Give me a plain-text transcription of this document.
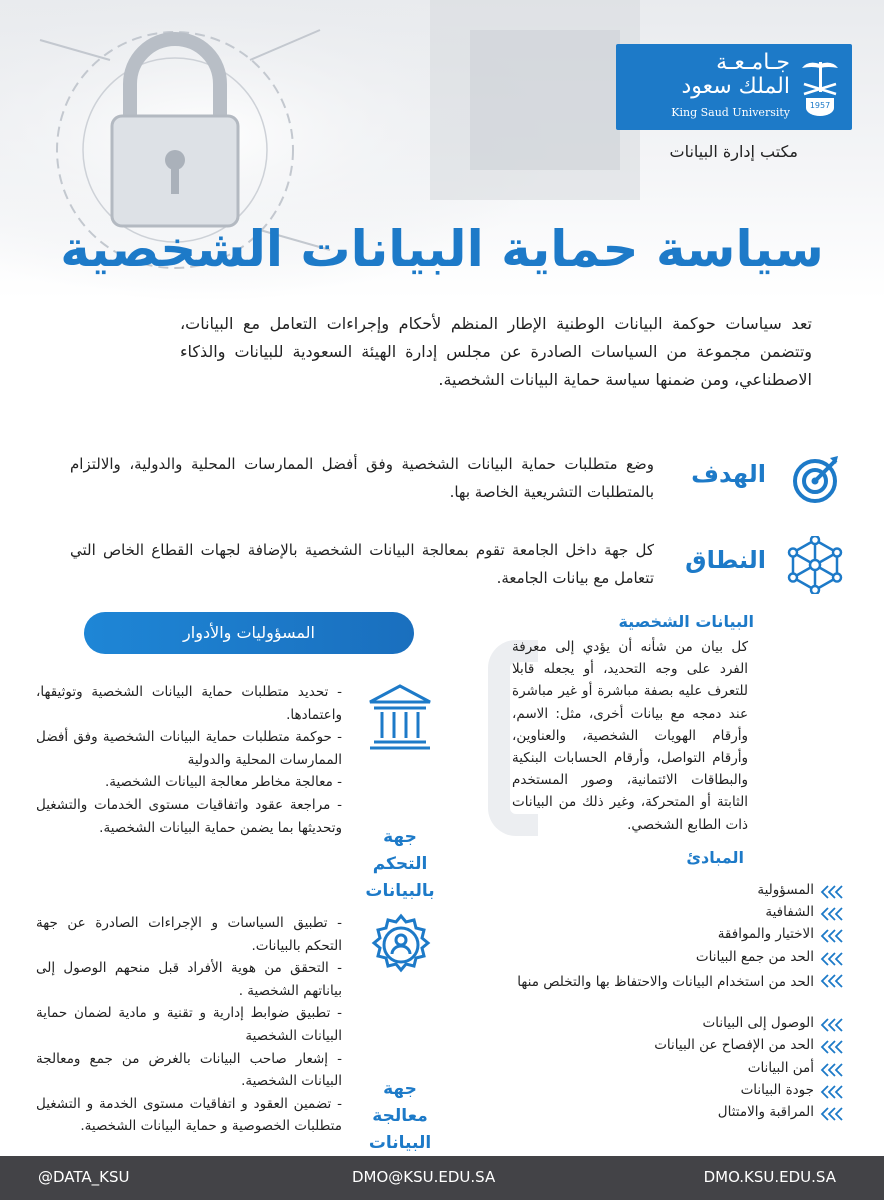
جـامـعـة
الملك سعود
King Saud University
1957
مكتب إدارة البيانات
سياسة حماية البيانات الشخصية
تعد سياسات حوكمة البيانات الوطنية الإطار المنظم لأحكام وإجراءات التعامل مع البيانات، وتتضمن مجموعة من السياسات الصادرة عن مجلس إدارة الهيئة السعودية للبيانات والذكاء الاصطناعي، ومن ضمنها سياسة حماية البيانات الشخصية.
الهدف
وضع متطلبات حماية البيانات الشخصية وفق أفضل الممارسات المحلية والدولية، والالتزام بالمتطلبات التشريعية الخاصة بها.
النطاق
كل جهة داخل الجامعة تقوم بمعالجة البيانات الشخصية بالإضافة لجهات القطاع الخاص التي تتعامل مع بيانات الجامعة.
المسؤوليات والأدوار
جهة
التحكم
بالبيانات
- تحديد متطلبات حماية البيانات الشخصية وتوثيقها، واعتمادها.
- حوكمة متطلبات حماية البيانات الشخصية وفق أفضل الممارسات المحلية والدولية
- معالجة مخاطر معالجة البيانات الشخصية.
- مراجعة عقود واتفاقيات مستوى الخدمات والتشغيل وتحديثها بما يضمن حماية البيانات الشخصية.
جهة
معالجة
البيانات
- تطبيق السياسات و الإجراءات الصادرة عن جهة التحكم بالبيانات.
- التحقق من هوية الأفراد قبل منحهم الوصول إلى بياناتهم الشخصية .
- تطبيق ضوابط إدارية و تقنية و مادية لضمان حماية البيانات الشخصية
- إشعار صاحب البيانات بالغرض من جمع ومعالجة البيانات الشخصية.
- تضمين العقود و اتفاقيات مستوى الخدمة و التشغيل متطلبات الخصوصية و حماية البيانات الشخصية.
البيانات الشخصية
كل بيان من شأنه أن يؤدي إلى معرفة الفرد على وجه التحديد، أو يجعله قابلا للتعرف عليه بصفة مباشرة أو غير مباشرة عند دمجه مع بيانات أخرى، مثل: الاسم، وأرقام الهويات الشخصية، والعناوين، وأرقام التواصل، وأرقام الحسابات البنكية والبطاقات الائتمانية، وصور المستخدم الثابتة أو المتحركة، وغير ذلك من البيانات ذات الطابع الشخصي.
المبادئ
المسؤولية
الشفافية
الاختيار والموافقة
الحد من جمع البيانات
الحد من استخدام البيانات والاحتفاظ بها والتخلص منها
الوصول إلى البيانات
الحد من الإفصاح عن البيانات
أمن البيانات
جودة البيانات
المراقبة والامتثال
@DATA_KSU	DMO@KSU.EDU.SA	DMO.KSU.EDU.SA
